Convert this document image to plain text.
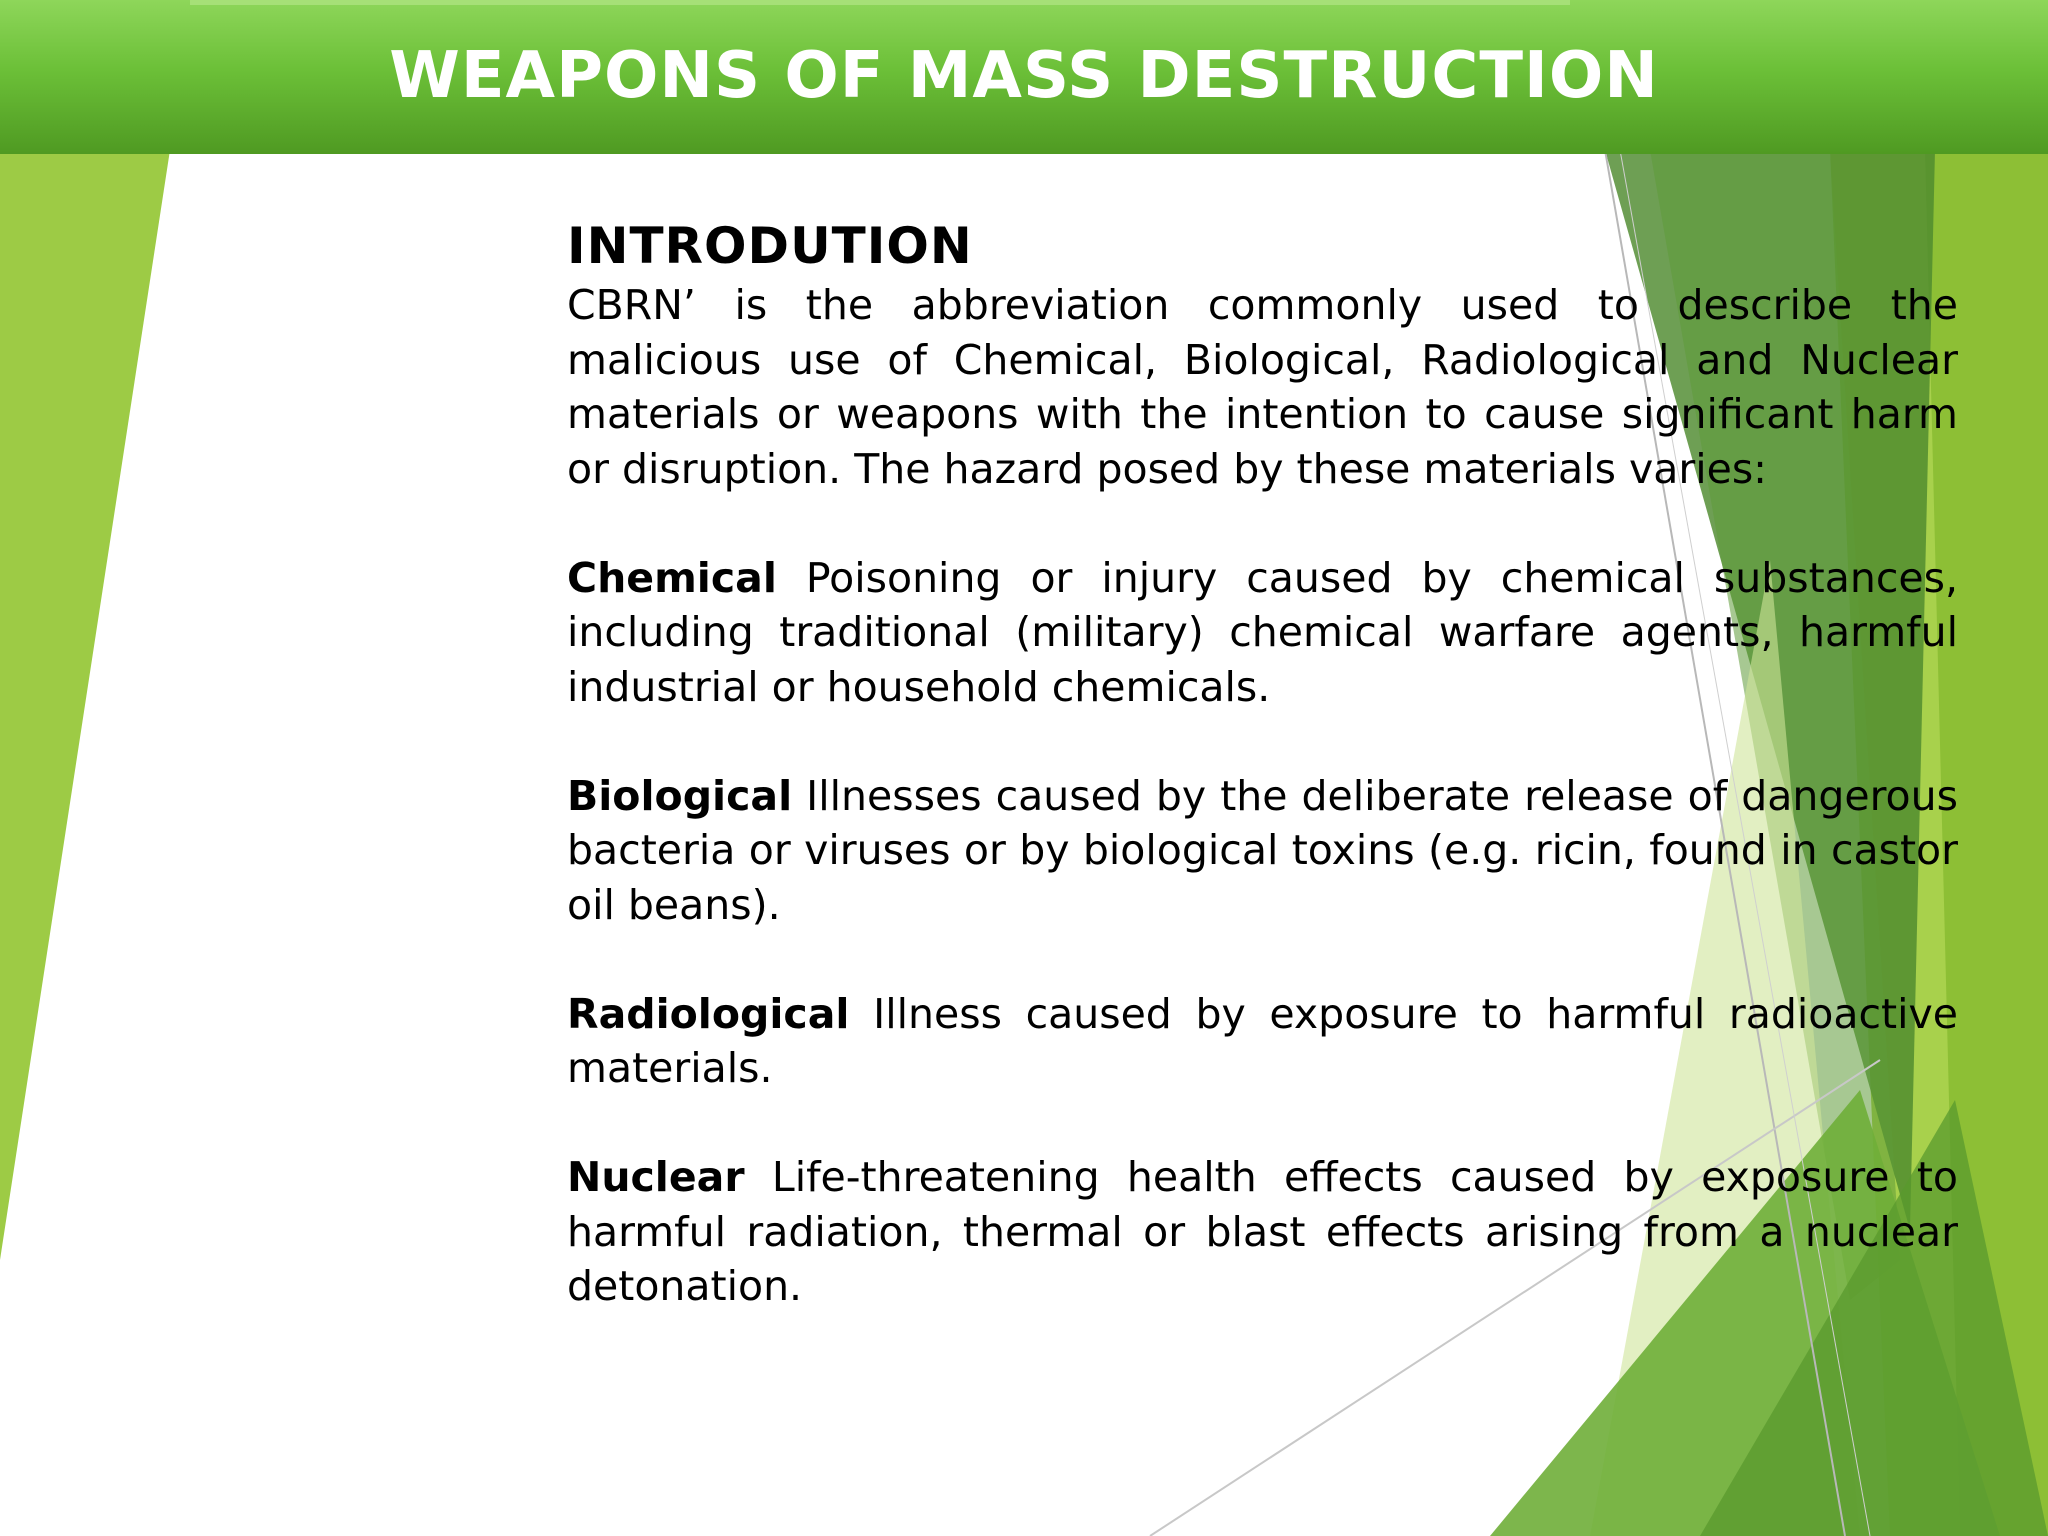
WEAPONS OF MASS DESTRUCTION
INTRODUTION

CBRN’ is the abbreviation commonly used to describe the malicious use of Chemical, Biological, Radiological and Nuclear materials or weapons with the intention to cause significant harm or disruption. The hazard posed by these materials varies:

Chemical Poisoning or injury caused by chemical substances, including traditional (military) chemical warfare agents, harmful industrial or household chemicals.

Biological Illnesses caused by the deliberate release of dangerous bacteria or viruses or by biological toxins (e.g. ricin, found in castor oil beans).

Radiological Illness caused by exposure to harmful radioactive materials.

Nuclear Life-threatening health effects caused by exposure to harmful radiation, thermal or blast effects arising from a nuclear detonation.
